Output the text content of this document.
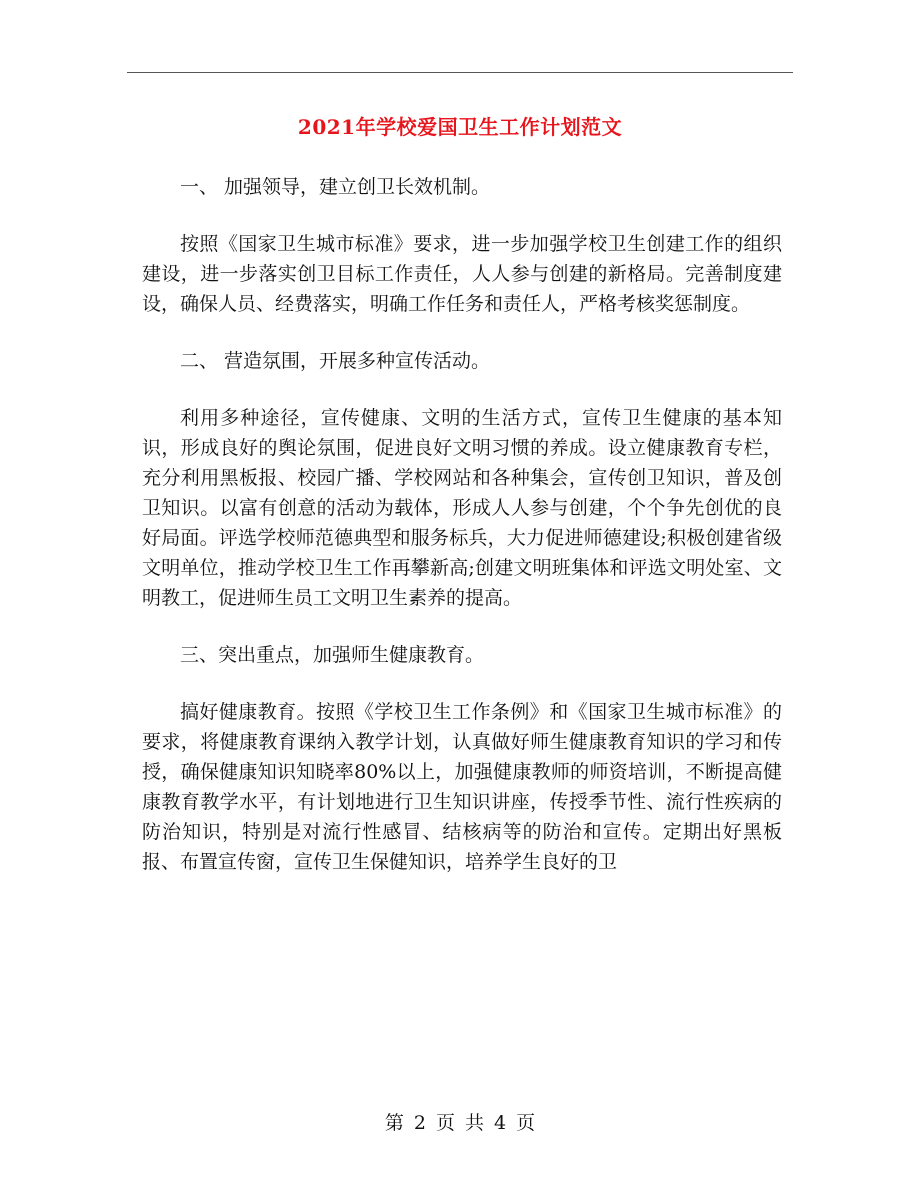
2021年学校爱国卫生工作计划范文

一、 加强领导，建立创卫长效机制。

按照《国家卫生城市标准》要求，进一步加强学校卫生创建工作的组织建设，进一步落实创卫目标工作责任，人人参与创建的新格局。完善制度建设，确保人员、经费落实，明确工作任务和责任人，严格考核奖惩制度。

二、 营造氛围，开展多种宣传活动。

利用多种途径，宣传健康、文明的生活方式，宣传卫生健康的基本知识，形成良好的舆论氛围，促进良好文明习惯的养成。设立健康教育专栏，充分利用黑板报、校园广播、学校网站和各种集会，宣传创卫知识，普及创卫知识。以富有创意的活动为载体，形成人人参与创建，个个争先创优的良好局面。评选学校师范德典型和服务标兵，大力促进师德建设;积极创建省级文明单位，推动学校卫生工作再攀新高;创建文明班集体和评选文明处室、文明教工，促进师生员工文明卫生素养的提高。

三、突出重点，加强师生健康教育。

搞好健康教育。按照《学校卫生工作条例》和《国家卫生城市标准》的要求，将健康教育课纳入教学计划，认真做好师生健康教育知识的学习和传授，确保健康知识知晓率80%以上，加强健康教师的师资培训，不断提高健康教育教学水平，有计划地进行卫生知识讲座，传授季节性、流行性疾病的防治知识，特别是对流行性感冒、结核病等的防治和宣传。定期出好黑板报、布置宣传窗，宣传卫生保健知识，培养学生良好的卫

第 2 页 共 4 页
